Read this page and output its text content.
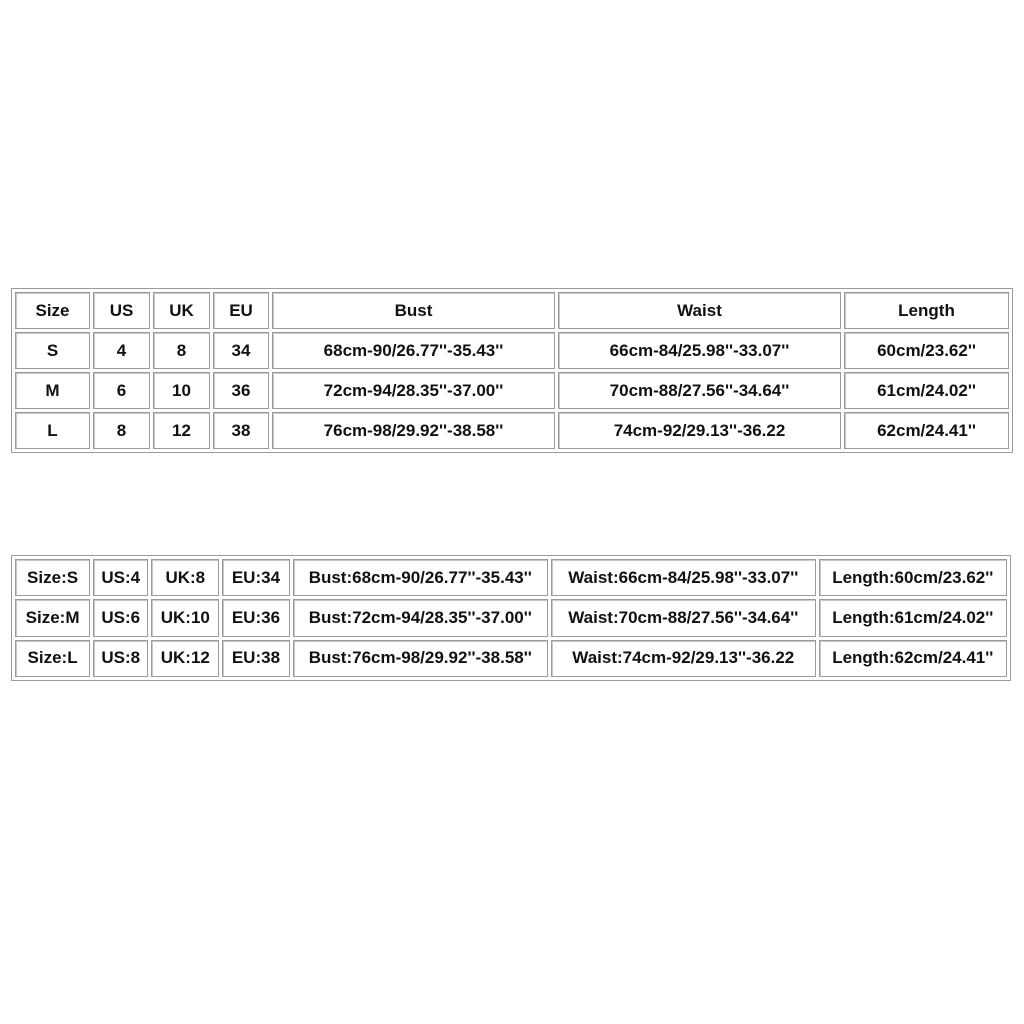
Size	US	UK	EU	Bust	Waist	Length
S	4	8	34	68cm-90/26.77''-35.43''	66cm-84/25.98''-33.07''	60cm/23.62''
M	6	10	36	72cm-94/28.35''-37.00''	70cm-88/27.56''-34.64''	61cm/24.02''
L	8	12	38	76cm-98/29.92''-38.58''	74cm-92/29.13''-36.22	62cm/24.41''
Size:S	US:4	UK:8	EU:34	Bust:68cm-90/26.77''-35.43''	Waist:66cm-84/25.98''-33.07''	Length:60cm/23.62''
Size:M	US:6	UK:10	EU:36	Bust:72cm-94/28.35''-37.00''	Waist:70cm-88/27.56''-34.64''	Length:61cm/24.02''
Size:L	US:8	UK:12	EU:38	Bust:76cm-98/29.92''-38.58''	Waist:74cm-92/29.13''-36.22	Length:62cm/24.41''
